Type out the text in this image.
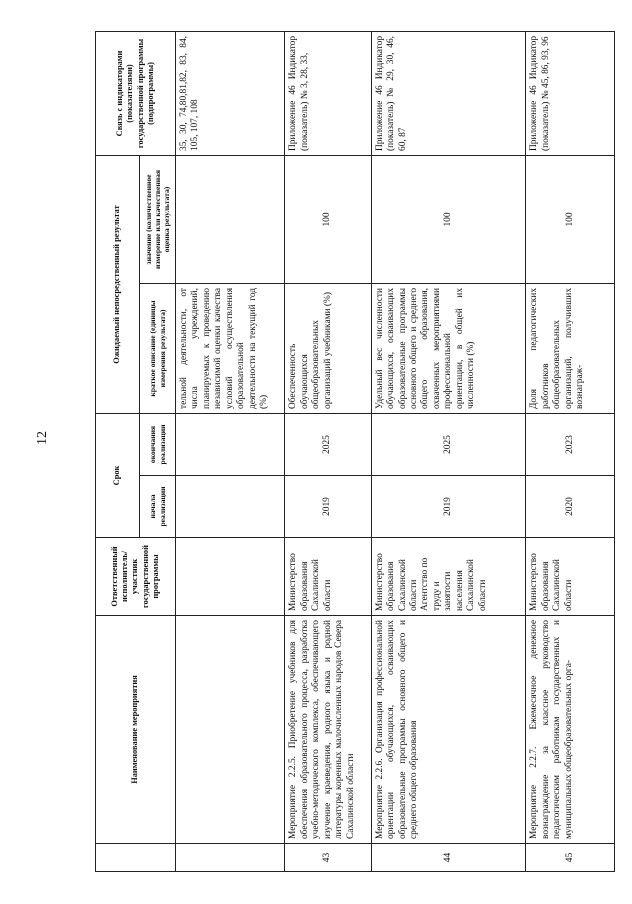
12
	Наименование мероприятия	Ответственный исполнитель/участник государственной программы	Срок		Ожидаемый непосредственный результат		Связь с индикаторами (показателями) государственной программы (подпрограммы)
			начала реализации	окончания реализации	краткое описание (единицы измерения результата)	значение (количественное измерение или качественная оценка результата)	
					тельной деятельности, от числа учреждений, планируемых к проведению независимой оценки качества условий осуществления образовательной деятельности на текущий год (%)		35, 30, 74,80,81,82, 83, 84, 105, 107, 108
43	Мероприятие 2.2.5. Приобретение учебников для обеспечения образовательного процесса, разработка учебно-методического комплекса, обеспечивающего изучение краеведения, родного языка и родной литературы коренных малочисленных народов Севера Сахалинской области	Министерство образования Сахалинской области	2019	2025	Обеспеченность обучающихся общеобразовательных организаций учебниками (%)	100	Приложение 46 Индикатор (показатель) № 3, 28, 33,
44	Мероприятие 2.2.6. Организация профессиональной ориентации обучающихся, осваивающих образовательные программы основного общего и среднего общего образования	Министерство образования Сахалинской области Агентство по труду и занятости населения Сахалинской области	2019	2025	Удельный вес численности обучающихся, осваивающих образовательные программы основного общего и среднего общего образования, охваченных мероприятиями профессиональной ориентации, в общей их численности (%)	100	Приложение 46 Индикатор (показатель) № 29, 30, 46, 60, 87
45	Мероприятие 2.2.7. Ежемесячное денежное вознаграждение за классное руководство педагогическим работникам государственных и муниципальных общеобразовательных орга-	Министерство образования Сахалинской области	2020	2023	Доля педагогических работников общеобразовательных организаций, получивших вознаграж-	100	Приложение 46 Индикатор (показатель) № 45, 86, 93, 96
